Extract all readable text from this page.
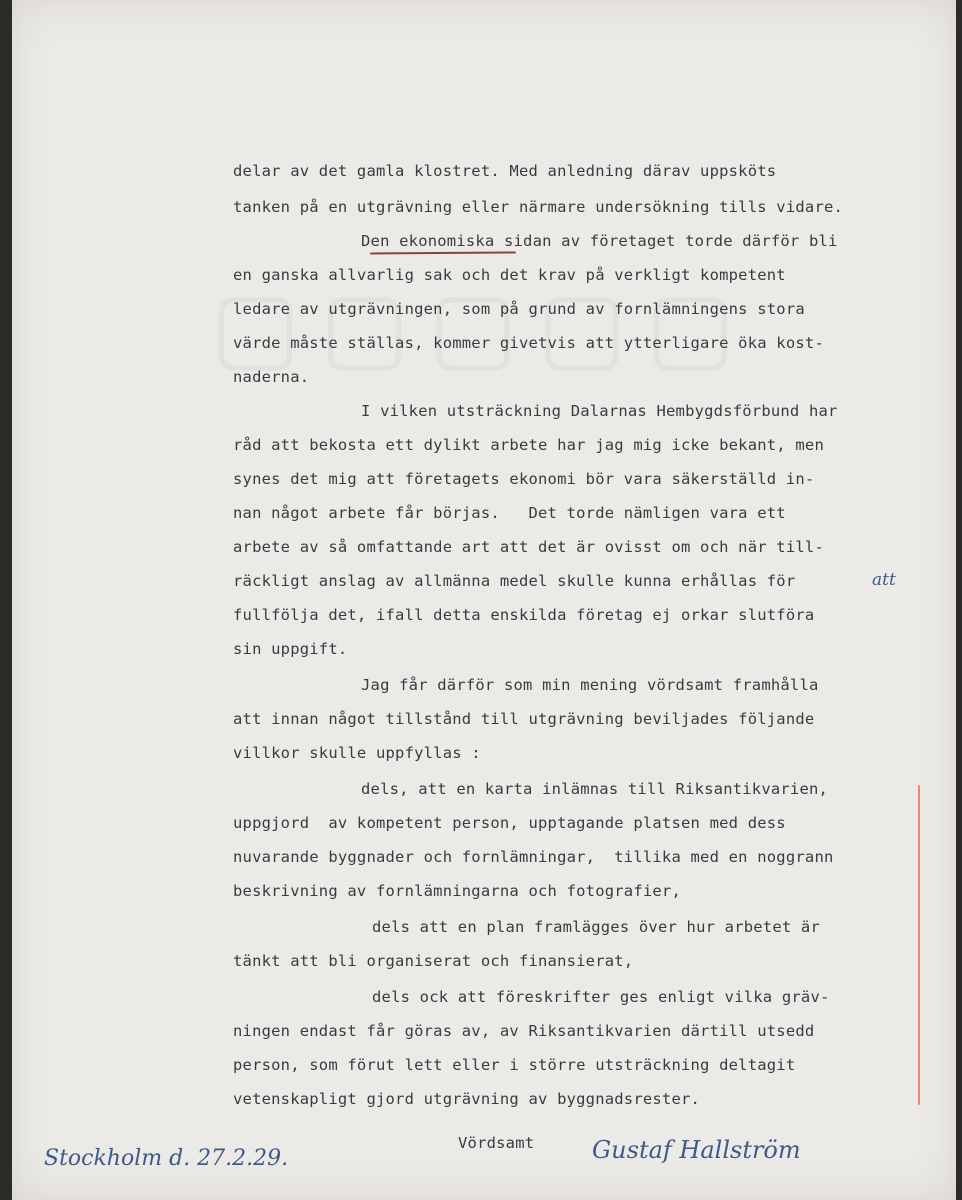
delar av det gamla klostret. Med anledning därav uppsköts
tanken på en utgrävning eller närmare undersökning tills vidare.
Den ekonomiska sidan av företaget torde därför bli
en ganska allvarlig sak och det krav på verkligt kompetent
ledare av utgrävningen, som på grund av fornlämningens stora
värde måste ställas, kommer givetvis att ytterligare öka kost-
naderna.
I vilken utsträckning Dalarnas Hembygdsförbund har
råd att bekosta ett dylikt arbete har jag mig icke bekant, men
synes det mig att företagets ekonomi bör vara säkerställd in-
nan något arbete får börjas.   Det torde nämligen vara ett
arbete av så omfattande art att det är ovisst om och när till-
räckligt anslag av allmänna medel skulle kunna erhållas för	att
fullfölja det, ifall detta enskilda företag ej orkar slutföra
sin uppgift.
Jag får därför som min mening vördsamt framhålla
att innan något tillstånd till utgrävning beviljades följande
villkor skulle uppfyllas :
dels, att en karta inlämnas till Riksantikvarien,
uppgjord  av kompetent person, upptagande platsen med dess
nuvarande byggnader och fornlämningar,  tillika med en noggrann
beskrivning av fornlämningarna och fotografier,
dels att en plan framlägges över hur arbetet är
tänkt att bli organiserat och finansierat,
dels ock att föreskrifter ges enligt vilka gräv-
ningen endast får göras av, av Riksantikvarien därtill utsedd
person, som förut lett eller i större utsträckning deltagit
vetenskapligt gjord utgrävning av byggnadsrester.
Vördsamt
Stockholm d. 27.2.29.	Gustaf Hallström
